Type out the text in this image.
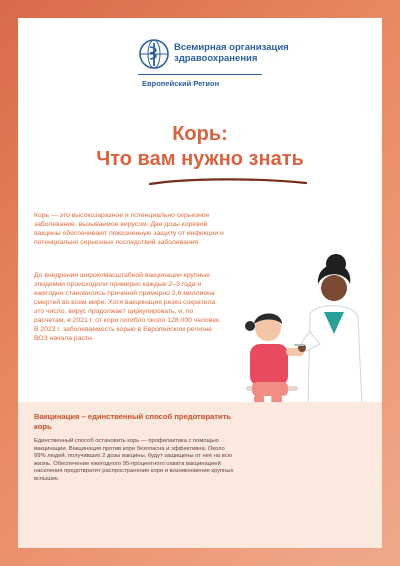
Всемирная организация
здравоохранения
Европейский Регион
Корь:
Что вам нужно знать
Корь — это высокозаразное и потенциально серьезное заболевание, вызываемое вирусом. Две дозы коревой вакцины обеспечивают пожизненную защиту от инфекции и потенциально серьезных последствий заболевания.
До внедрения широкомасштабной вакцинации крупные эпидемии происходили примерно каждые 2–3 года и ежегодно становились причиной примерно 2,6 миллиона смертей во всем мире. Хотя вакцинация резко сократила это число, вирус продолжает циркулировать, и, по расчетам, в 2021 г. от кори погибло около 128 000 человек. В 2023 г. заболеваемость корью в Европейском регионе ВОЗ начала расти.
Вакцинация – единственный способ предотвратить корь
Единственный способ остановить корь — профилактика с помощью вакцинации. Вакцинация против кори безопасна и эффективна. Около 99% людей, получивших 2 дозы вакцины, будут защищены от нее на всю жизнь. Обеспечение ежегодного 95-процентного охвата вакцинацией населения предотвратит распространение кори и возникновение крупных вспышек.
